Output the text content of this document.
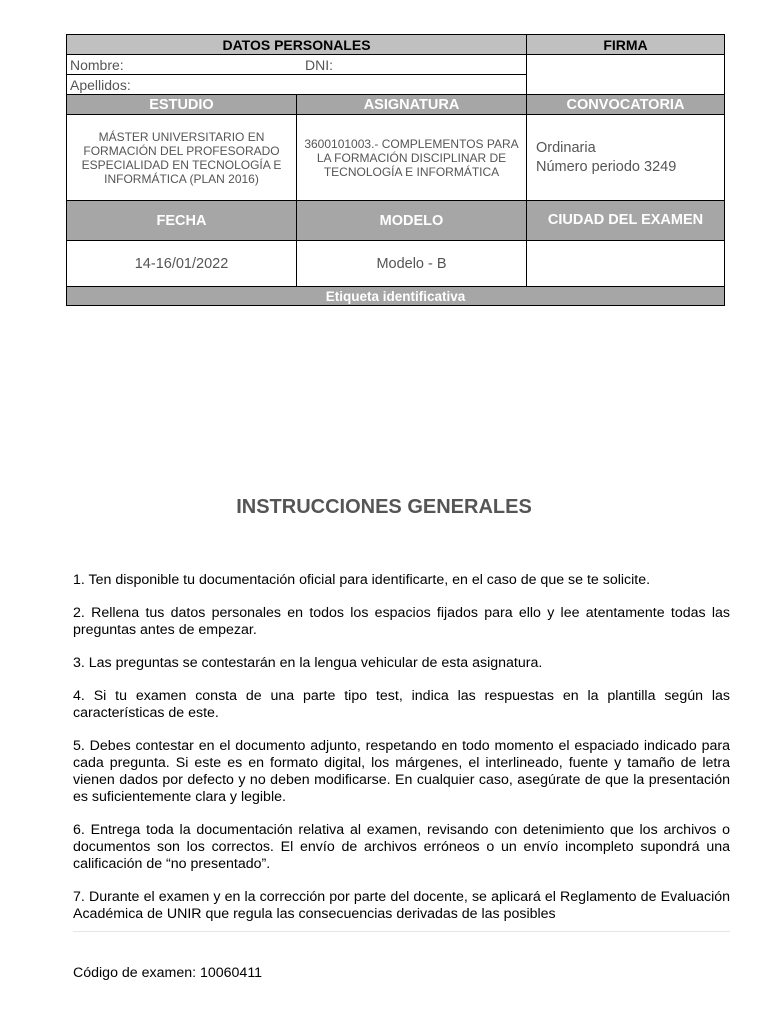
DATOS PERSONALES		FIRMA
Nombre: DNI:		

Apellidos:		
ESTUDIO	ASIGNATURA	CONVOCATORIA
MÁSTER UNIVERSITARIO EN FORMACIÓN DEL PROFESORADO ESPECIALIDAD EN TECNOLOGÍA E INFORMÁTICA (PLAN 2016)	3600101003.- COMPLEMENTOS PARA LA FORMACIÓN DISCIPLINAR DE TECNOLOGÍA E INFORMÁTICA	Ordinaria
Número periodo 3249

FECHA	MODELO	CIUDAD DEL EXAMEN
14-16/01/2022	Modelo - B	
Etiqueta identificativa		
INSTRUCCIONES GENERALES

1. Ten disponible tu documentación oficial para identificarte, en el caso de que se te solicite.

2. Rellena tus datos personales en todos los espacios fijados para ello y lee atentamente todas las preguntas antes de empezar.

3. Las preguntas se contestarán en la lengua vehicular de esta asignatura.

4. Si tu examen consta de una parte tipo test, indica las respuestas en la plantilla según las características de este.

5. Debes contestar en el documento adjunto, respetando en todo momento el espaciado indicado para cada pregunta. Si este es en formato digital, los márgenes, el interlineado, fuente y tamaño de letra vienen dados por defecto y no deben modificarse. En cualquier caso, asegúrate de que la presentación es suficientemente clara y legible.

6. Entrega toda la documentación relativa al examen, revisando con detenimiento que los archivos o documentos son los correctos. El envío de archivos erróneos o un envío incompleto supondrá una calificación de “no presentado”.

7. Durante el examen y en la corrección por parte del docente, se aplicará el Reglamento de Evaluación Académica de UNIR que regula las consecuencias derivadas de las posibles

Código de examen: 10060411
